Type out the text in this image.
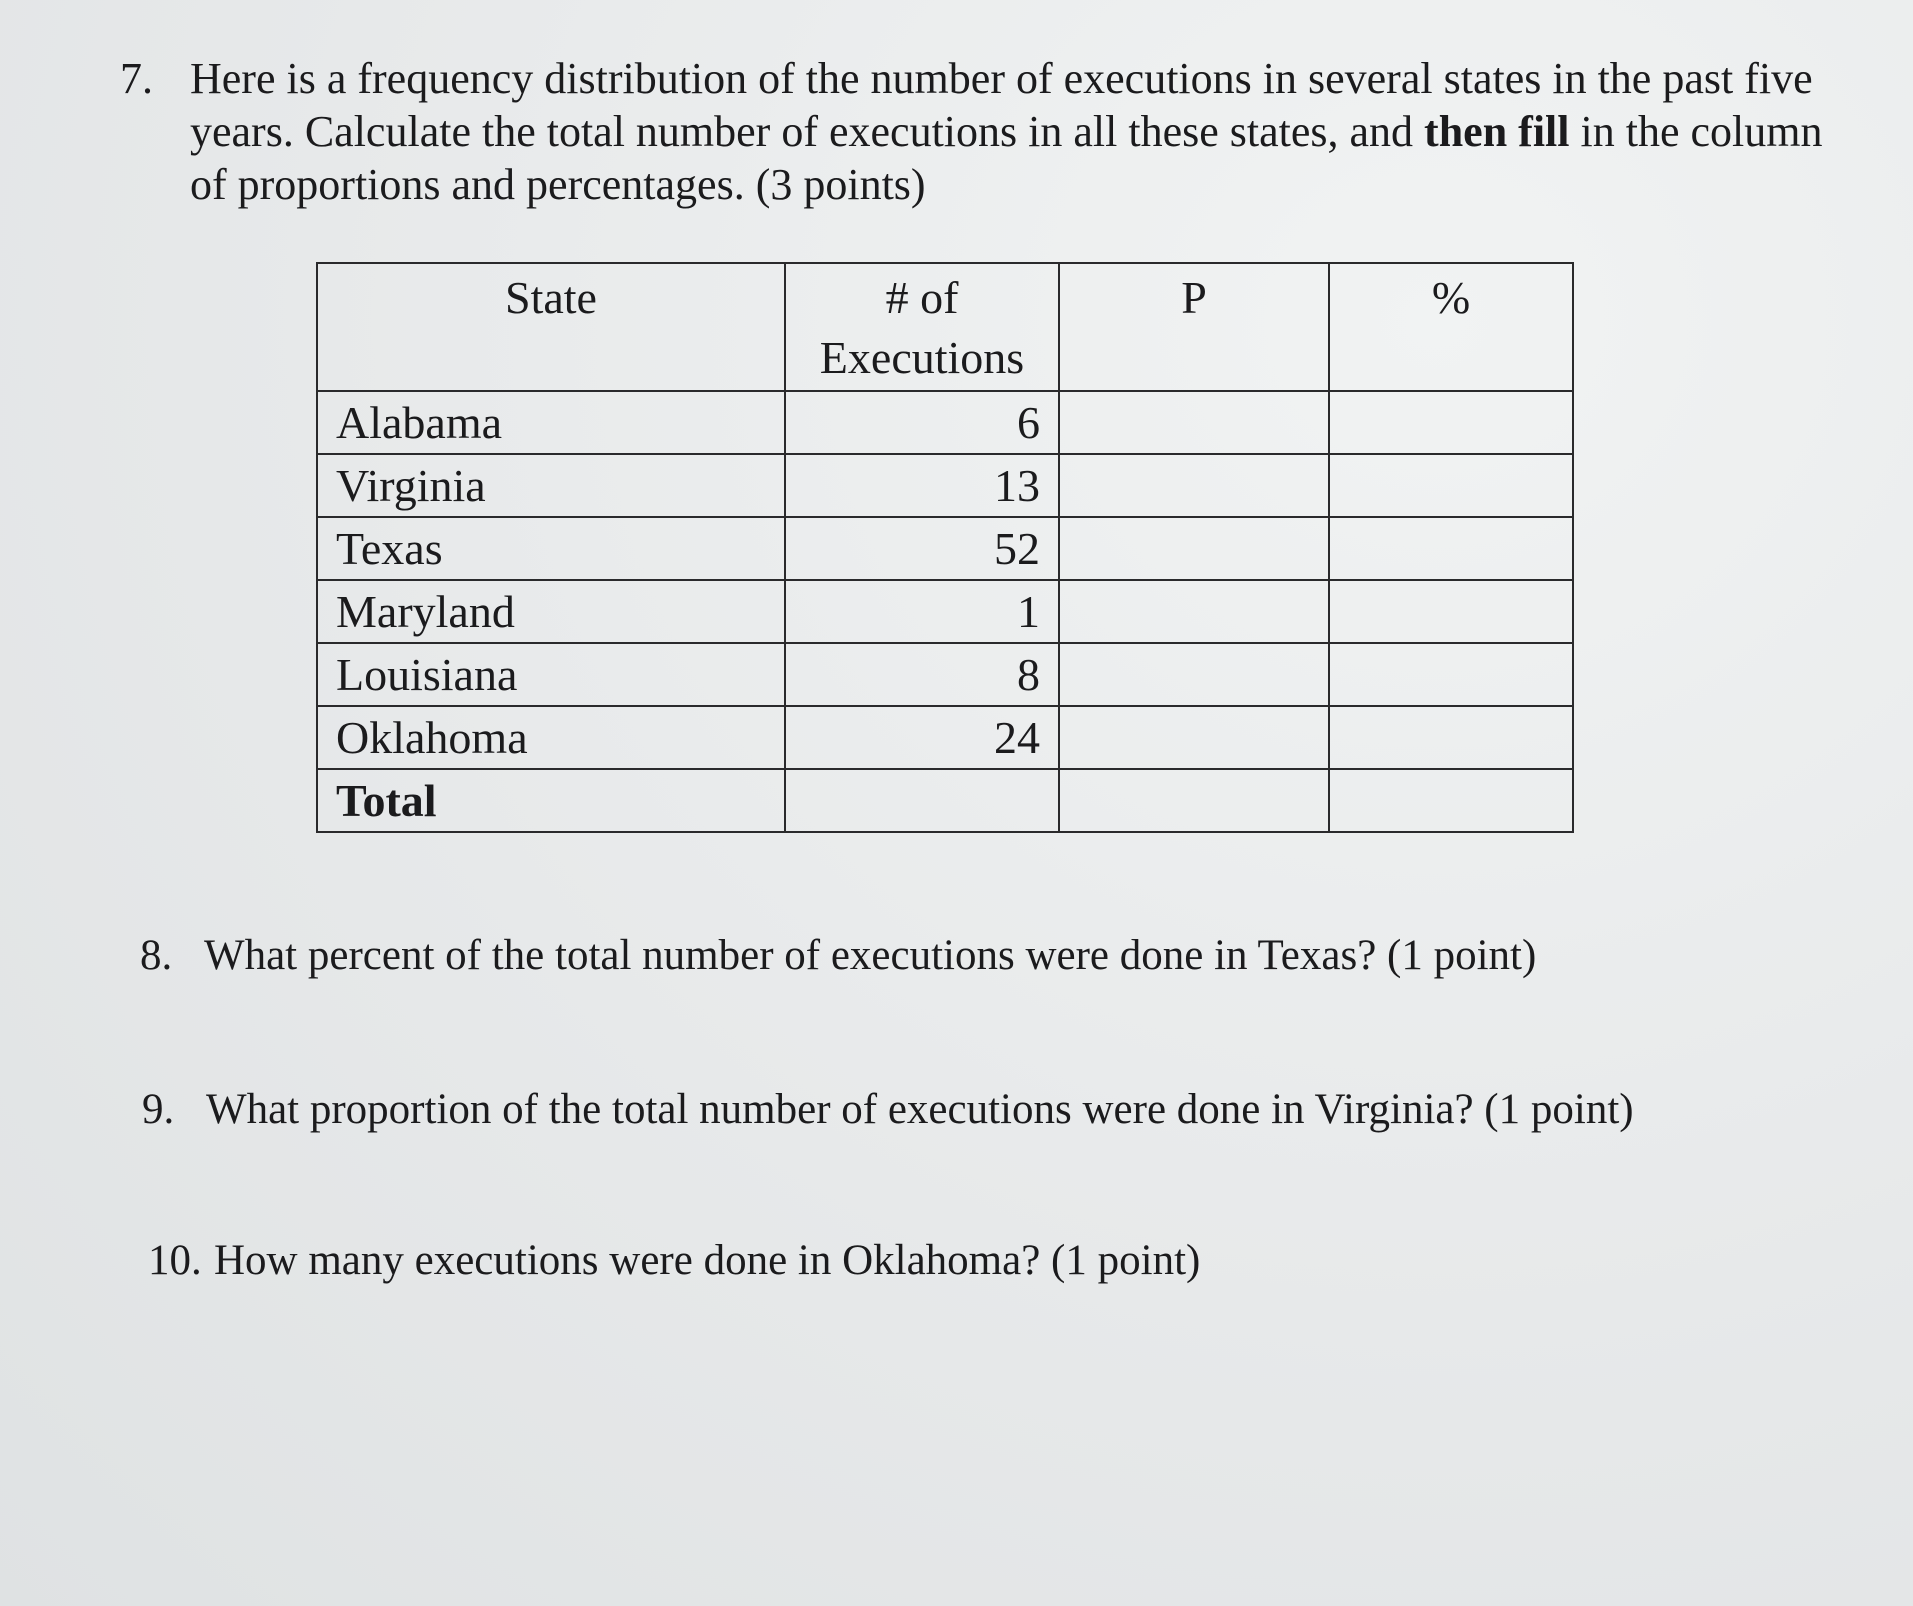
7. Here is a frequency distribution of the number of executions in several states in the past five years. Calculate the total number of executions in all these states, and then fill in the column of proportions and percentages. (3 points)
State	# of Executions	P	%
Alabama	6		
Virginia	13		
Texas	52		
Maryland	1		
Louisiana	8		
Oklahoma	24		
Total			
8. What percent of the total number of executions were done in Texas? (1 point)
9. What proportion of the total number of executions were done in Virginia? (1 point)
10. How many executions were done in Oklahoma? (1 point)
